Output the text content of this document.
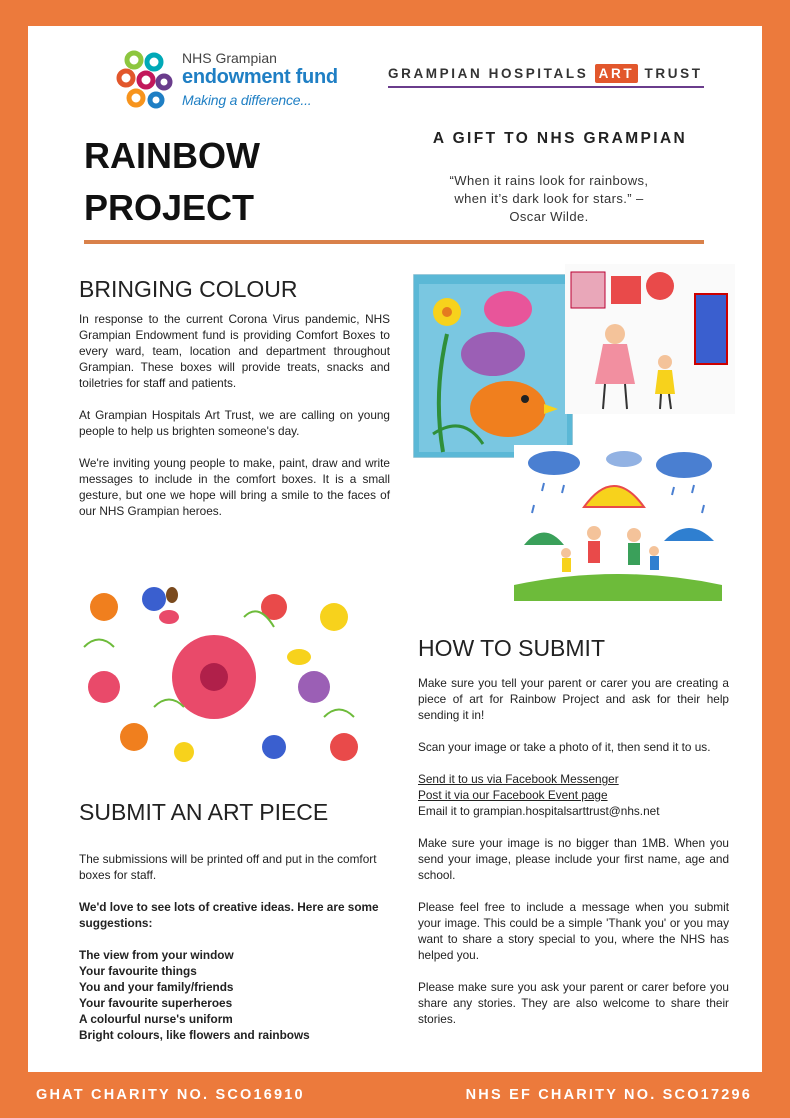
NHS Grampian
endowment fund
Making a difference...
GRAMPIAN HOSPITALS ART TRUST
RAINBOW
PROJECT
A GIFT TO NHS GRAMPIAN
“When it rains look for rainbows,
when it’s dark look for stars.” –
Oscar Wilde.
BRINGING COLOUR

In response to the current Corona Virus pandemic, NHS Grampian Endowment fund is providing Comfort Boxes to every ward, team, location and department throughout Grampian. These boxes will provide treats, snacks and toiletries for staff and patients.

At Grampian Hospitals Art Trust, we are calling on young people to help us brighten someone's day.

We're inviting young people to make, paint, draw and write messages to include in the comfort boxes. It is a small gesture, but one we hope will bring a smile to the faces of our NHS Grampian heroes.

HOW TO SUBMIT

Make sure you tell your parent or carer you are creating a piece of art for Rainbow Project and ask for their help sending it in!

Scan your image or take a photo of it, then send it to us.

Send it to us via Facebook Messenger
Post it via our Facebook Event page
Email it to grampian.hospitalsarttrust@nhs.net

Make sure your image is no bigger than 1MB. When you send your image, please include your first name, age and school.

Please feel free to include a message when you submit your image. This could be a simple 'Thank you' or you may want to share a story special to you, where the NHS has helped you.

Please make sure you ask your parent or carer before you share any stories. They are also welcome to share their stories.

SUBMIT AN ART PIECE

The submissions will be printed off and put in the comfort boxes for staff.

We'd love to see lots of creative ideas. Here are some suggestions:

The view from your window
Your favourite things
You and your family/friends
Your favourite superheroes
A colourful nurse's uniform
Bright colours, like flowers and rainbows
GHAT CHARITY NO. SCO16910	NHS EF CHARITY NO. SCO17296
